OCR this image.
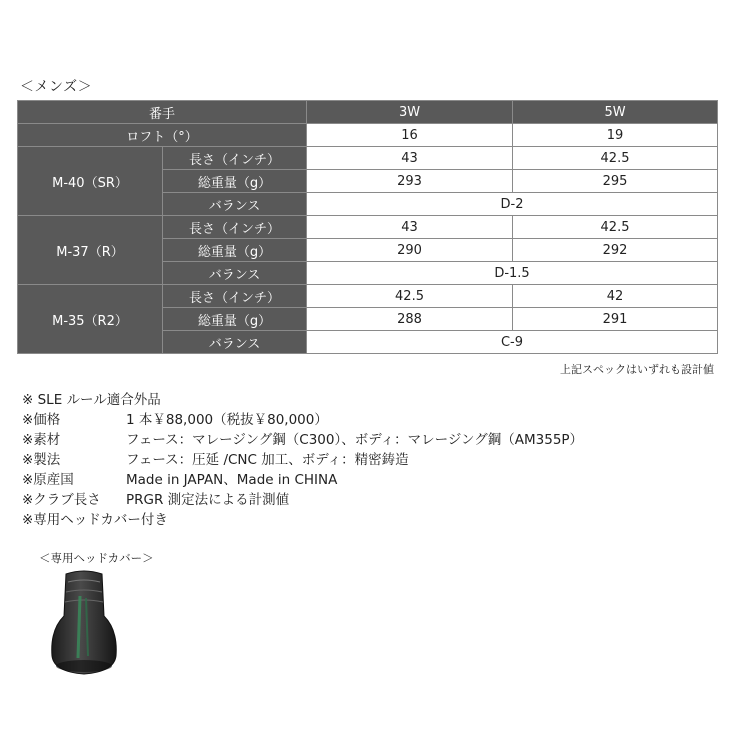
＜メンズ＞
番手		3W	5W
ロフト（°）		16	19
M-40（SR）	長さ（インチ）	43	42.5
	総重量（g）	293	295
	バランス	D-2	
M-37（R）	長さ（インチ）	43	42.5
	総重量（g）	290	292
	バランス	D-1.5	
M-35（R2）	長さ（インチ）	42.5	42
	総重量（g）	288	291
	バランス	C-9	
上記スペックはいずれも設計値
※ SLE ルール適合外品
※価格	1 本￥88,000（税抜￥80,000）
※素材	フェース：マレージング鋼（C300）、ボディ：マレージング鋼（AM355P）
※製法	フェース：圧延 /CNC 加工、ボディ：精密鋳造
※原産国	Made in JAPAN、Made in CHINA
※クラブ長さ	PRGR 測定法による計測値
※専用ヘッドカバー付き
＜専用ヘッドカバー＞
